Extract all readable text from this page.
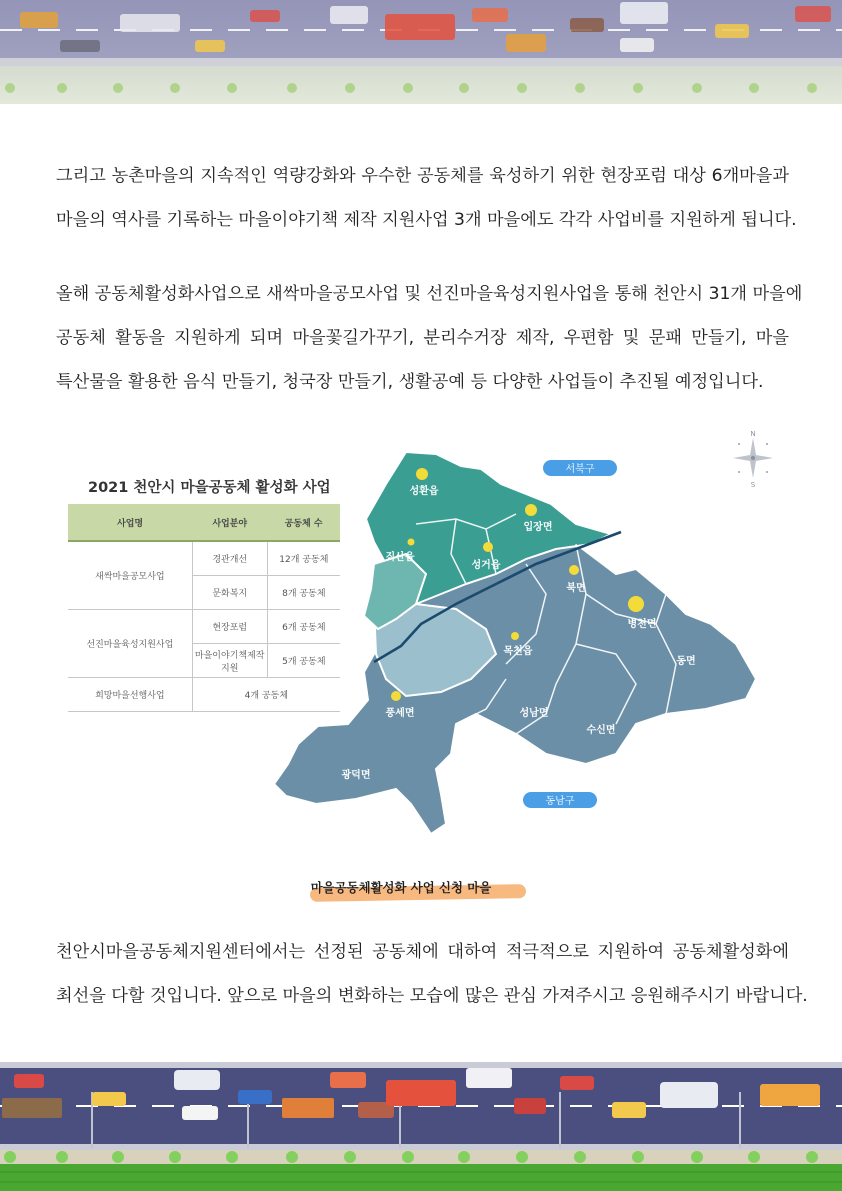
그리고 농촌마을의 지속적인 역량강화와 우수한 공동체를 육성하기 위한 현장포럼 대상 6개마을과
마을의 역사를 기록하는 마을이야기책 제작 지원사업 3개 마을에도 각각 사업비를 지원하게 됩니다.
올해 공동체활성화사업으로 새싹마을공모사업 및 선진마을육성지원사업을 통해 천안시 31개 마을에
공동체 활동을 지원하게 되며 마을꽃길가꾸기, 분리수거장 제작, 우편함 및 문패 만들기, 마을
특산물을 활용한 음식 만들기, 청국장 만들기, 생활공예 등 다양한 사업들이 추진될 예정입니다.
성환읍
입장면
직산읍
성거읍
북면
병천면
목천읍
동면
풍세면	성남면
수신면
광덕면
서북구
동남구
N
S
2021 천안시 마을공동체 활성화 사업
사업명	사업분야	공동체 수
새싹마을공모사업	경관개선	12개 공동체
	문화복지	8개 공동체
선진마을육성지원사업	현장포럼	6개 공동체
	마을이야기책제작지원	5개 공동체
희망마을선행사업	4개 공동체	
마을공동체활성화 사업 신청 마을
천안시마을공동체지원센터에서는 선정된 공동체에 대하여 적극적으로 지원하여 공동체활성화에
최선을 다할 것입니다. 앞으로 마을의 변화하는 모습에 많은 관심 가져주시고 응원해주시기 바랍니다.
